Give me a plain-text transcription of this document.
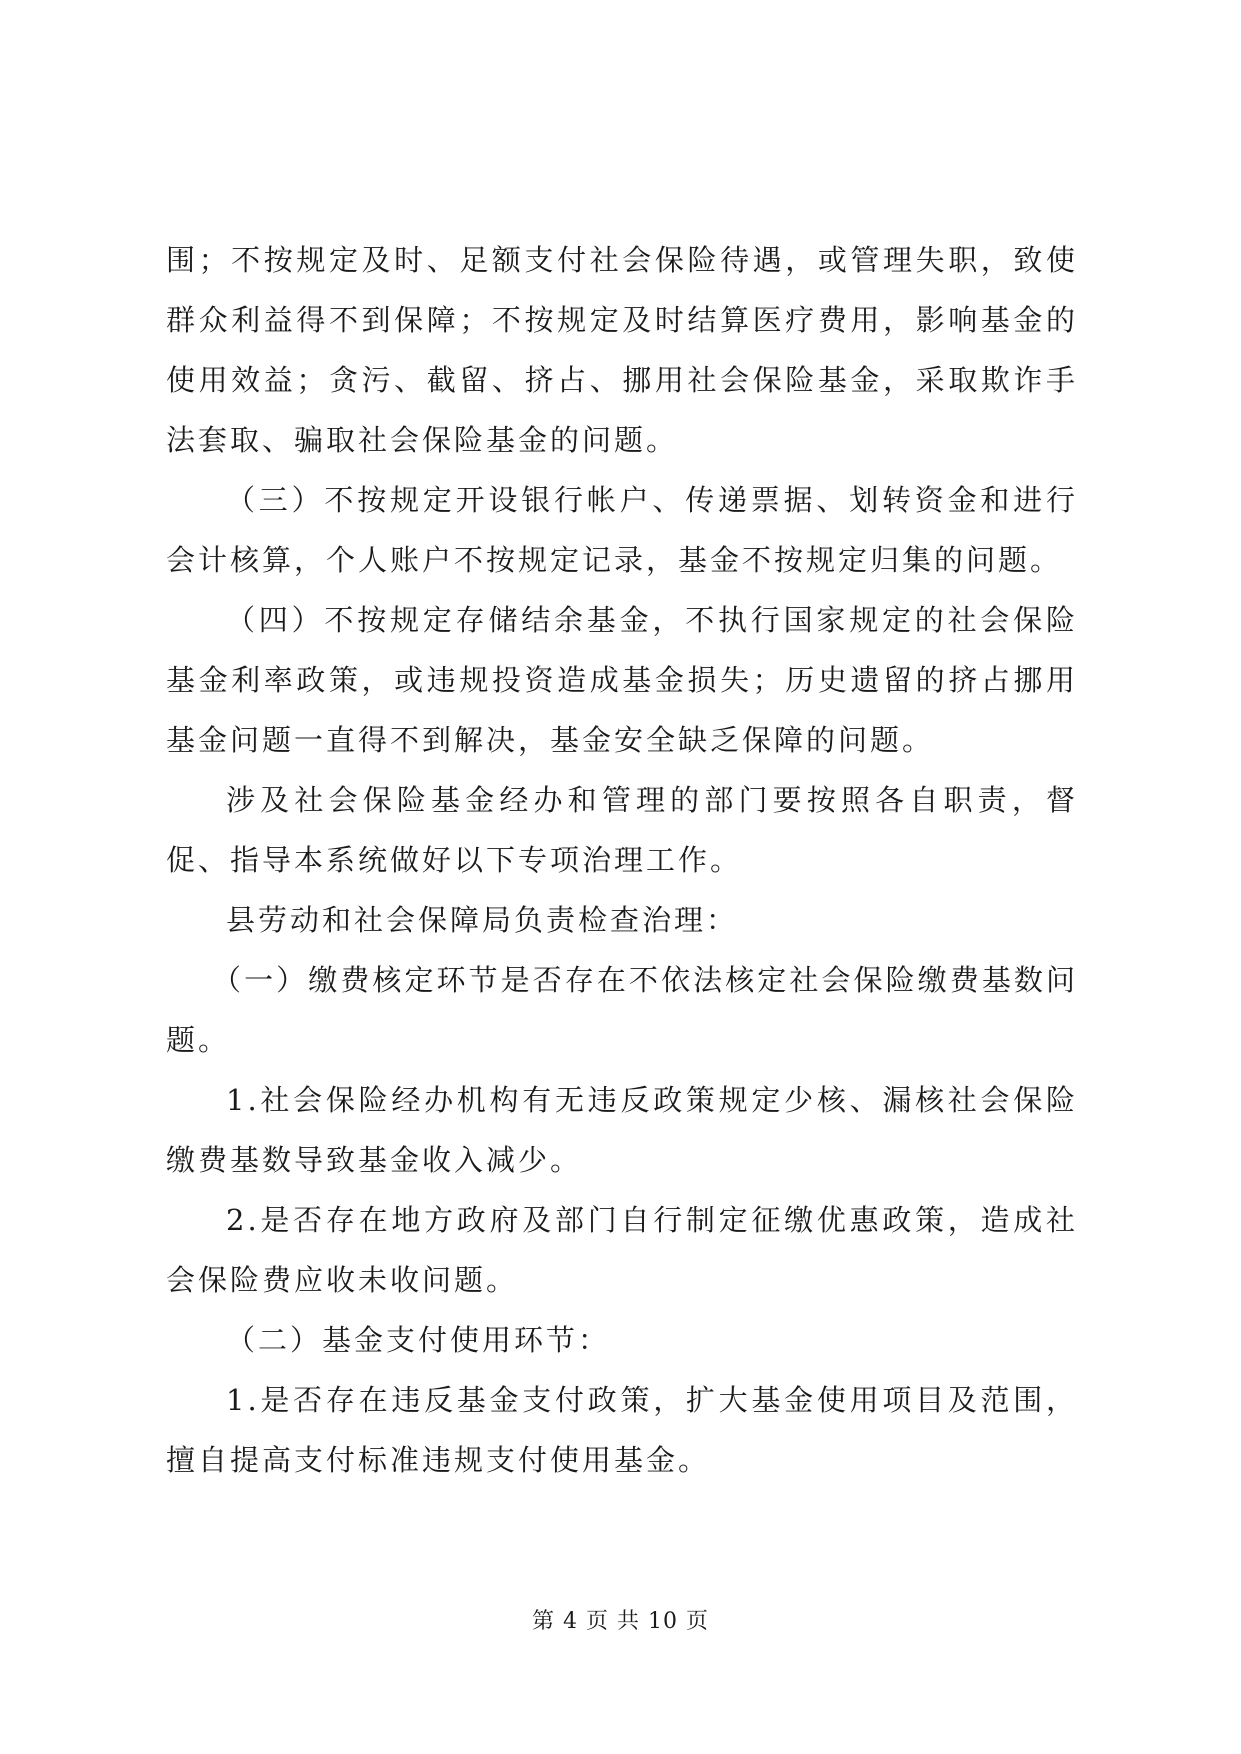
围；不按规定及时、足额支付社会保险待遇，或管理失职，致使群众利益得不到保障；不按规定及时结算医疗费用，影响基金的使用效益；贪污、截留、挤占、挪用社会保险基金，采取欺诈手法套取、骗取社会保险基金的问题。

（三）不按规定开设银行帐户、传递票据、划转资金和进行会计核算，个人账户不按规定记录，基金不按规定归集的问题。

（四）不按规定存储结余基金，不执行国家规定的社会保险基金利率政策，或违规投资造成基金损失；历史遗留的挤占挪用基金问题一直得不到解决，基金安全缺乏保障的问题。

涉及社会保险基金经办和管理的部门要按照各自职责，督促、指导本系统做好以下专项治理工作。

县劳动和社会保障局负责检查治理：

（一）缴费核定环节是否存在不依法核定社会保险缴费基数问题。

1.社会保险经办机构有无违反政策规定少核、漏核社会保险缴费基数导致基金收入减少。

2.是否存在地方政府及部门自行制定征缴优惠政策，造成社会保险费应收未收问题。

（二）基金支付使用环节：

1.是否存在违反基金支付政策，扩大基金使用项目及范围，擅自提高支付标准违规支付使用基金。

第 4 页 共 10 页
